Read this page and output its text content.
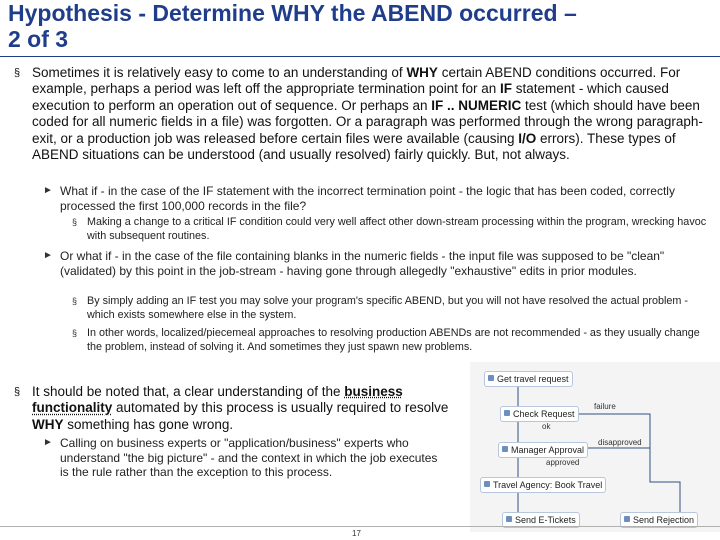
Hypothesis - Determine WHY the ABEND occurred –
2 of 3
§ Sometimes it is relatively easy to come to an understanding of WHY certain ABEND conditions occurred. For example, perhaps a period was left off the appropriate termination point for an IF statement - which caused execution to perform an operation out of sequence. Or perhaps an IF .. NUMERIC test (which should have been coded for all numeric fields in a file) was forgotten. Or a paragraph was performed through the wrong paragraph-exit, or a production job was released before certain files were available (causing I/O errors). These types of ABEND situations can be understood (and usually resolved) fairly quickly. But, not always.
► What if - in the case of the IF statement with the incorrect termination point - the logic that has been coded, correctly processed the first 100,000 records in the file?
§ Making a change to a critical IF condition could very well affect other down-stream processing within the program, wrecking havoc with subsequent routines.
► Or what if - in the case of the file containing blanks in the numeric fields - the input file was supposed to be "clean" (validated) by this point in the job-stream - having gone through allegedly "exhaustive" edits in prior modules.
§ By simply adding an IF test you may solve your program's specific ABEND, but you will not have resolved the actual problem - which exists somewhere else in the system.
§ In other words, localized/piecemeal approaches to resolving production ABENDs are not recommended - as they usually change the problem, instead of solving it. And sometimes they just spawn new problems.
§ It should be noted that, a clear understanding of the business functionality automated by this process is usually required to resolve WHY something has gone wrong.
► Calling on business experts or "application/business" experts who understand "the big picture" - and the context in which the job executes is the rule rather than the exception to this process.
Get travel request
Check Request
Manager Approval
Travel Agency: Book Travel
Send E-Tickets	Send Rejection
failure
ok
disapproved
approved
17
